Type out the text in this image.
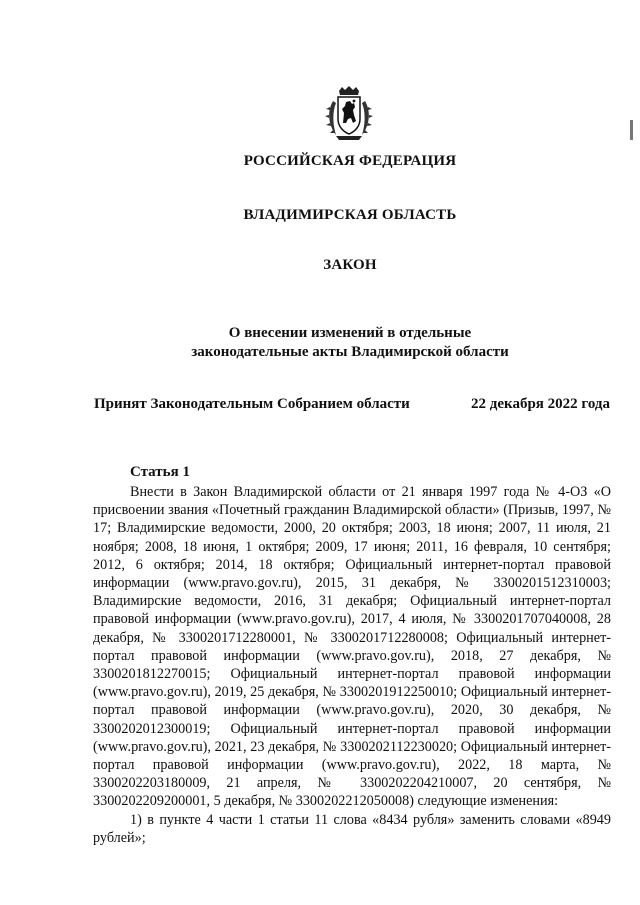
РОССИЙСКАЯ ФЕДЕРАЦИЯ
ВЛАДИМИРСКАЯ ОБЛАСТЬ
ЗАКОН
О внесении изменений в отдельные
законодательные акты Владимирской области
Принят Законодательным Собранием области	22 декабря 2022 года
Статья 1

Внести в Закон Владимирской области от 21 января 1997 года № 4-ОЗ «О присвоении звания «Почетный гражданин Владимирской области» (Призыв, 1997, № 17; Владимирские ведомости, 2000, 20 октября; 2003, 18 июня; 2007, 11 июля, 21 ноября; 2008, 18 июня, 1 октября; 2009, 17 июня; 2011, 16 февраля, 10 сентября; 2012, 6 октября; 2014, 18 октября; Официальный интернет-портал правовой информации (www.pravo.gov.ru), 2015, 31 декабря, № 3300201512310003; Владимирские ведомости, 2016, 31 декабря; Официальный интернет-портал правовой информации (www.pravo.gov.ru), 2017, 4 июля, № 3300201707040008, 28 декабря, № 3300201712280001, № 3300201712280008; Официальный интернет-портал правовой информации (www.pravo.gov.ru), 2018, 27 декабря, № 3300201812270015; Официальный интернет-портал правовой информации (www.pravo.gov.ru), 2019, 25 декабря, № 3300201912250010; Официальный интернет-портал правовой информации (www.pravo.gov.ru), 2020, 30 декабря, № 3300202012300019; Официальный интернет-портал правовой информации (www.pravo.gov.ru), 2021, 23 декабря, № 3300202112230020; Официальный интернет-портал правовой информации (www.pravo.gov.ru), 2022, 18 марта, № 3300202203180009, 21 апреля, № 3300202204210007, 20 сентября, № 3300202209200001, 5 декабря, № 3300202212050008) следующие изменения:

1) в пункте 4 части 1 статьи 11 слова «8434 рубля» заменить словами «8949 рублей»;
